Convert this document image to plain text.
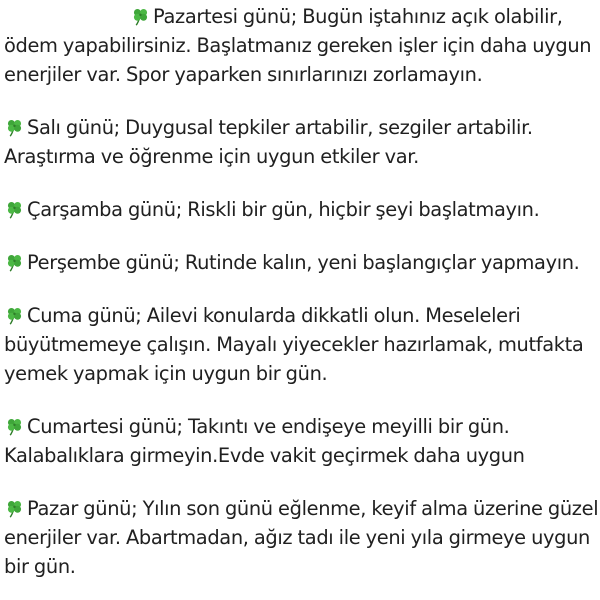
Pazartesi günü; Bugün iştahınız açık olabilir, ödem yapabilirsiniz. Başlatmanız gereken işler için daha uygun enerjiler var. Spor yaparken sınırlarınızı zorlamayın.

Salı günü; Duygusal tepkiler artabilir, sezgiler artabilir. Araştırma ve öğrenme için uygun etkiler var.

Çarşamba günü; Riskli bir gün, hiçbir şeyi başlatmayın.

Perşembe günü; Rutinde kalın, yeni başlangıçlar yapmayın.

Cuma günü; Ailevi konularda dikkatli olun. Meseleleri büyütmemeye çalışın. Mayalı yiyecekler hazırlamak, mutfakta yemek yapmak için uygun bir gün.

Cumartesi günü; Takıntı ve endişeye meyilli bir gün. Kalabalıklara girmeyin.Evde vakit geçirmek daha uygun

Pazar günü; Yılın son günü eğlenme, keyif alma üzerine güzel enerjiler var. Abartmadan, ağız tadı ile yeni yıla girmeye uygun bir gün.
